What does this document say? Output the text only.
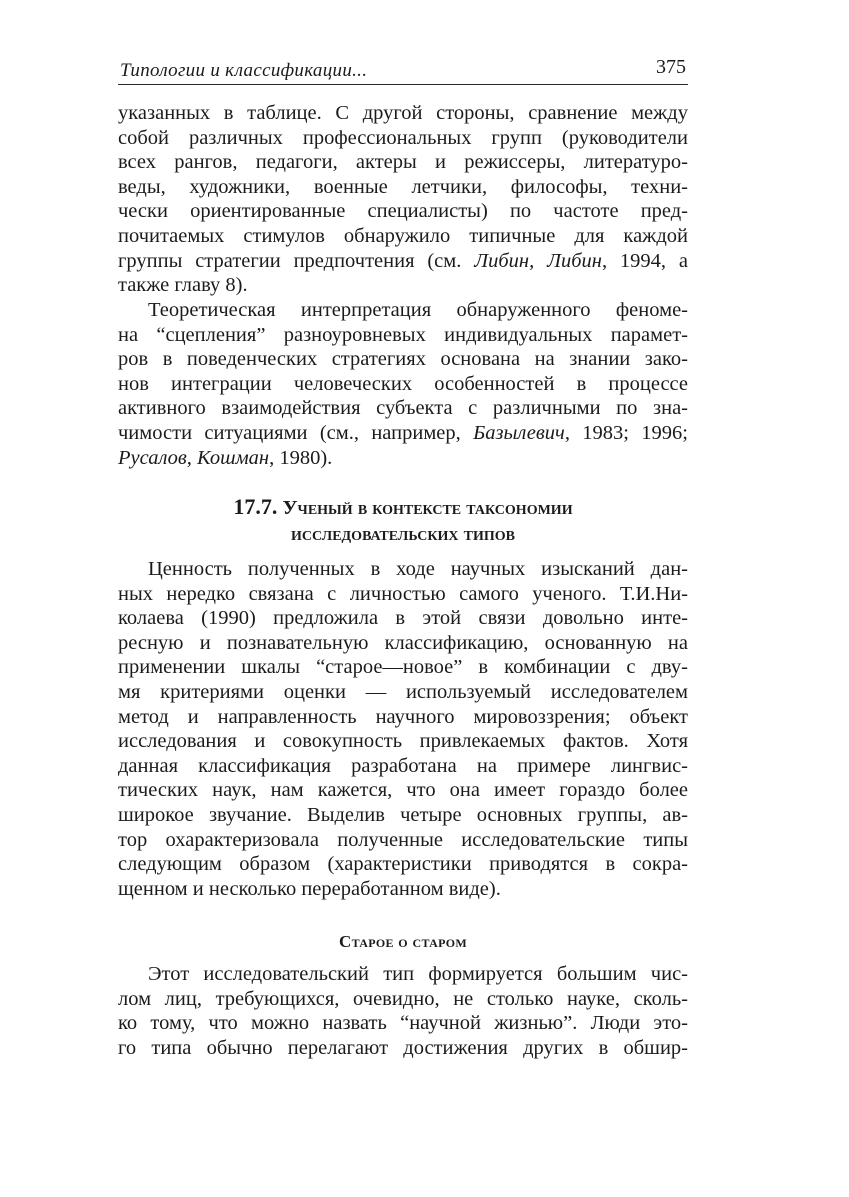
Типологии и классификации...	375
указанных в таблице. С другой стороны, сравнение между
собой различных профессиональных групп (руководители
всех рангов, педагоги, актеры и режиссеры, литературо-
веды, художники, военные летчики, философы, техни-
чески ориентированные специалисты) по частоте пред-
почитаемых стимулов обнаружило типичные для каждой
группы стратегии предпочтения (см. Либин, Либин, 1994, а
также главу 8).
Теоретическая интерпретация обнаруженного феноме-
на “сцепления” разноуровневых индивидуальных парамет-
ров в поведенческих стратегиях основана на знании зако-
нов интеграции человеческих особенностей в процессе
активного взаимодействия субъекта с различными по зна-
чимости ситуациями (см., например, Базылевич, 1983; 1996;
Русалов, Кошман, 1980).
17.7. Ученый в контексте таксономии
исследовательских типов
Ценность полученных в ходе научных изысканий дан-
ных нередко связана с личностью самого ученого. Т.И.Ни-
колаева (1990) предложила в этой связи довольно инте-
ресную и познавательную классификацию, основанную на
применении шкалы “старое—новое” в комбинации с дву-
мя критериями оценки — используемый исследователем
метод и направленность научного мировоззрения; объект
исследования и совокупность привлекаемых фактов. Хотя
данная классификация разработана на примере лингвис-
тических наук, нам кажется, что она имеет гораздо более
широкое звучание. Выделив четыре основных группы, ав-
тор охарактеризовала полученные исследовательские типы
следующим образом (характеристики приводятся в сокра-
щенном и несколько переработанном виде).
Старое о старом
Этот исследовательский тип формируется большим чис-
лом лиц, требующихся, очевидно, не столько науке, сколь-
ко тому, что можно назвать “научной жизнью”. Люди это-
го типа обычно перелагают достижения других в обшир-
